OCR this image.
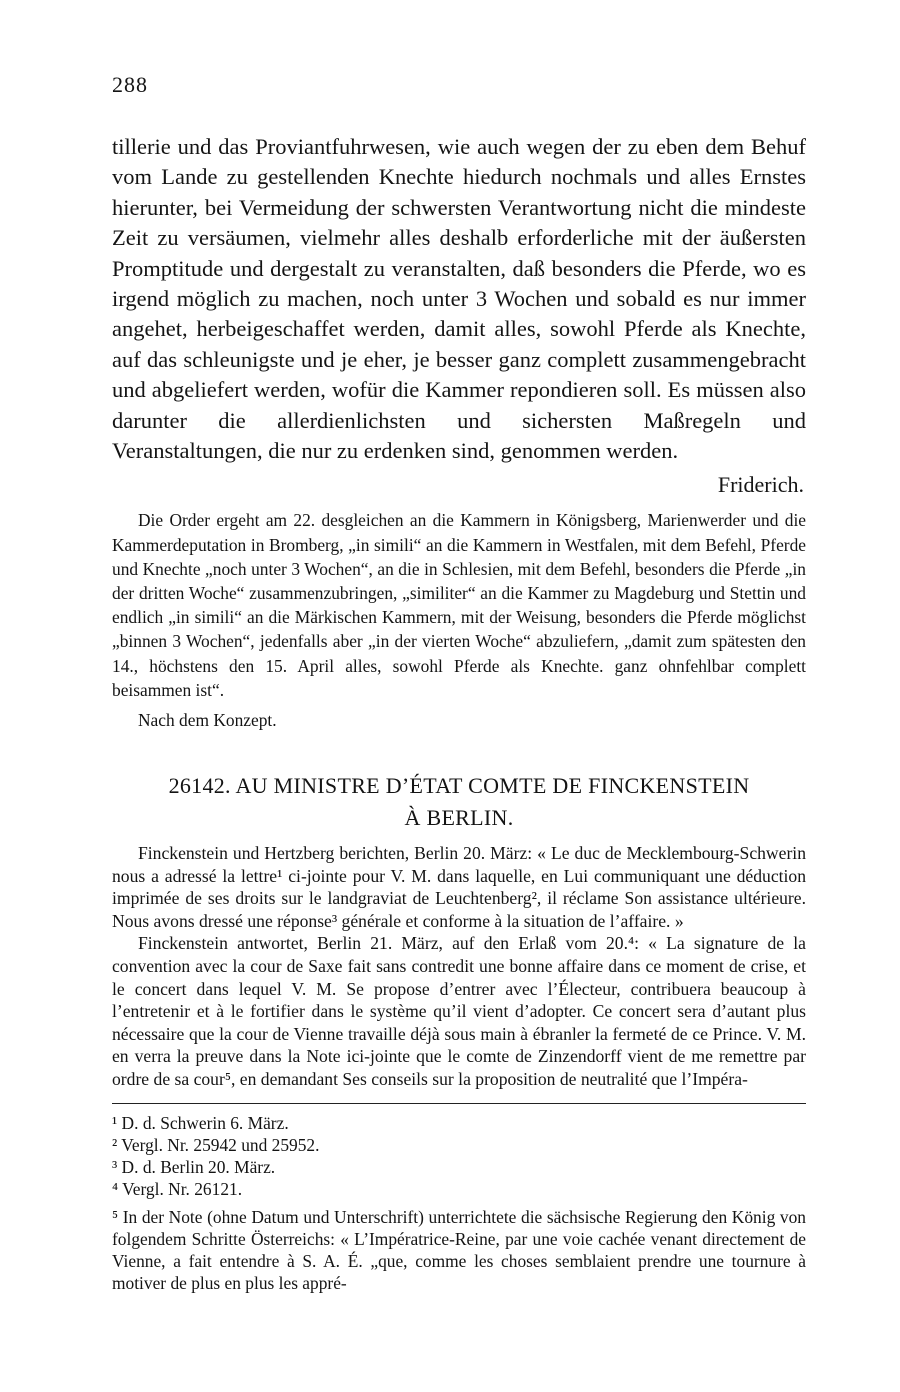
288

tillerie und das Proviantfuhrwesen, wie auch wegen der zu eben dem Behuf vom Lande zu gestellenden Knechte hiedurch nochmals und alles Ernstes hierunter, bei Vermeidung der schwersten Verantwortung nicht die mindeste Zeit zu versäumen, vielmehr alles deshalb erforderliche mit der äußersten Promptitude und dergestalt zu veranstalten, daß besonders die Pferde, wo es irgend möglich zu machen, noch unter 3 Wochen und sobald es nur immer angehet, herbeigeschaffet werden, damit alles, sowohl Pferde als Knechte, auf das schleunigste und je eher, je besser ganz complett zusammengebracht und abgeliefert werden, wofür die Kammer repondieren soll. Es müssen also darunter die allerdienlichsten und sichersten Maßregeln und Veranstaltungen, die nur zu erdenken sind, genommen werden.

Friderich.

Die Order ergeht am 22. desgleichen an die Kammern in Königsberg, Marienwerder und die Kammerdeputation in Bromberg, „in simili“ an die Kammern in Westfalen, mit dem Befehl, Pferde und Knechte „noch unter 3 Wochen“, an die in Schlesien, mit dem Befehl, besonders die Pferde „in der dritten Woche“ zusammenzubringen, „similiter“ an die Kammer zu Magdeburg und Stettin und endlich „in simili“ an die Märkischen Kammern, mit der Weisung, besonders die Pferde möglichst „binnen 3 Wochen“, jedenfalls aber „in der vierten Woche“ abzuliefern, „damit zum spätesten den 14., höchstens den 15. April alles, sowohl Pferde als Knechte. ganz ohnfehlbar complett beisammen ist“.

Nach dem Konzept.

26142. AU MINISTRE D’ÉTAT COMTE DE FINCKENSTEIN
À BERLIN.

Finckenstein und Hertzberg berichten, Berlin 20. März: « Le duc de Mecklembourg-Schwerin nous a adressé la lettre¹ ci-jointe pour V. M. dans laquelle, en Lui communiquant une déduction imprimée de ses droits sur le landgraviat de Leuchtenberg², il réclame Son assistance ultérieure. Nous avons dressé une réponse³ générale et conforme à la situation de l’affaire. »

Finckenstein antwortet, Berlin 21. März, auf den Erlaß vom 20.⁴: « La signature de la convention avec la cour de Saxe fait sans contredit une bonne affaire dans ce moment de crise, et le concert dans lequel V. M. Se propose d’entrer avec l’Électeur, contribuera beaucoup à l’entretenir et à le fortifier dans le système qu’il vient d’adopter. Ce concert sera d’autant plus nécessaire que la cour de Vienne travaille déjà sous main à ébranler la fermeté de ce Prince. V. M. en verra la preuve dans la Note ici-jointe que le comte de Zinzendorff vient de me remettre par ordre de sa cour⁵, en demandant Ses conseils sur la proposition de neutralité que l’Impéra-

¹ D. d. Schwerin 6. März.
² Vergl. Nr. 25942 und 25952.
³ D. d. Berlin 20. März.
⁴ Vergl. Nr. 26121.

⁵ In der Note (ohne Datum und Unterschrift) unterrichtete die sächsische Regierung den König von folgendem Schritte Österreichs: « L’Impératrice-Reine, par une voie cachée venant directement de Vienne, a fait entendre à S. A. É. „que, comme les choses semblaient prendre une tournure à motiver de plus en plus les appré-
